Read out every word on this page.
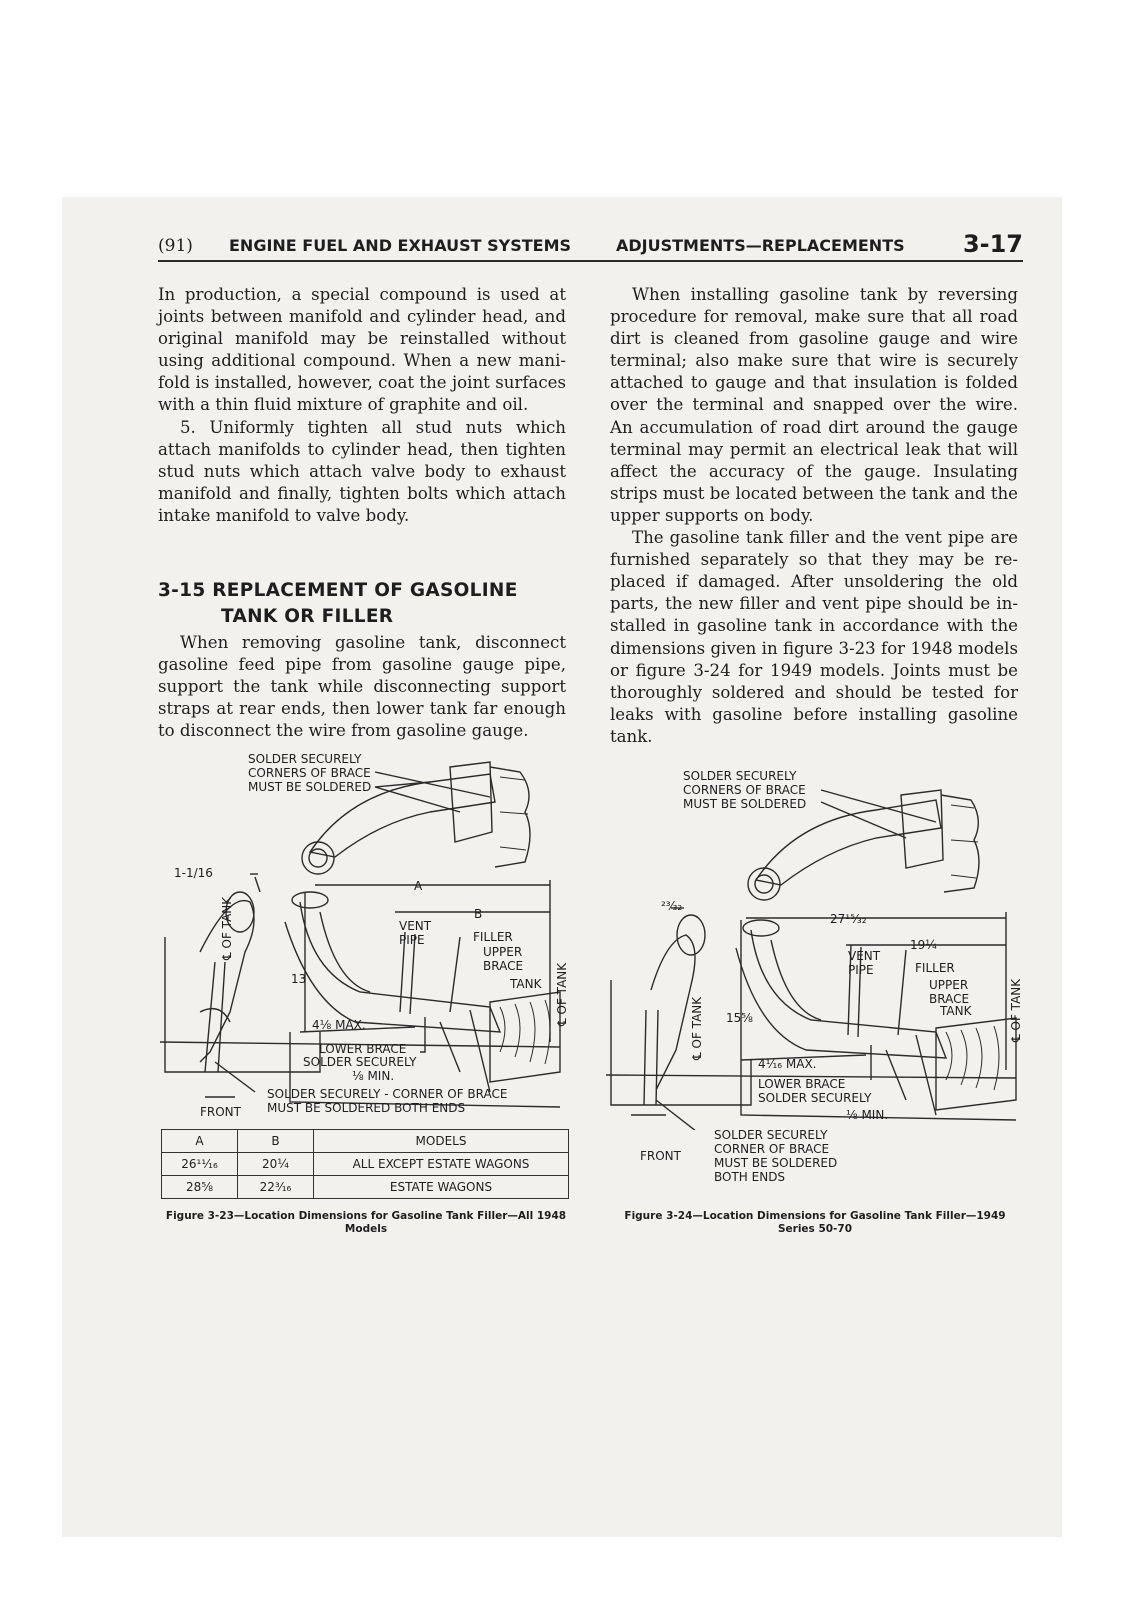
(91) ENGINE FUEL AND EXHAUST SYSTEMS	ADJUSTMENTS—REPLACEMENTS 3-17

In production, a special compound is used at joints between manifold and cylinder head, and original manifold may be reinstalled without using additional compound. When a new manifold is installed, however, coat the joint surfaces with a thin fluid mixture of graphite and oil.

5. Uniformly tighten all stud nuts which attach manifolds to cylinder head, then tighten stud nuts which attach valve body to exhaust manifold and finally, tighten bolts which attach intake manifold to valve body.

3-15 REPLACEMENT OF GASOLINE
TANK OR FILLER

When removing gasoline tank, disconnect gasoline feed pipe from gasoline gauge pipe, support the tank while disconnecting support straps at rear ends, then lower tank far enough to disconnect the wire from gasoline gauge.

When installing gasoline tank by reversing procedure for removal, make sure that all road dirt is cleaned from gasoline gauge and wire terminal; also make sure that wire is securely attached to gauge and that insulation is folded over the terminal and snapped over the wire. An accumulation of road dirt around the gauge terminal may permit an electrical leak that will affect the accuracy of the gauge. Insulating strips must be located between the tank and the upper supports on body.

The gasoline tank filler and the vent pipe are furnished separately so that they may be replaced if damaged. After unsoldering the old parts, the new filler and vent pipe should be installed in gasoline tank in accordance with the dimensions given in figure 3-23 for 1948 models or figure 3-24 for 1949 models. Joints must be thoroughly soldered and should be tested for leaks with gasoline before installing gasoline tank.

SOLDER SECURELY
CORNERS OF BRACE
MUST BE SOLDERED
1-1/16
A
B
VENT
PIPE	FILLER
UPPER
BRACE
TANK
℄ OF TANK
℄ OF TANK
13
4⅛ MAX.
LOWER BRACE
SOLDER SECURELY
⅛ MIN.
SOLDER SECURELY - CORNER OF BRACE
MUST BE SOLDERED BOTH ENDS
FRONT
A	B	MODELS
26¹¹⁄₁₆	20¼	ALL EXCEPT ESTATE WAGONS
28⅝	22³⁄₁₆	ESTATE WAGONS
Figure 3-23—Location Dimensions for Gasoline Tank Filler—All 1948 Models
SOLDER SECURELY
CORNERS OF BRACE
MUST BE SOLDERED
²³⁄₃₂
27¹⁵⁄₃₂
19¼
VENT
PIPE	FILLER
UPPER
BRACE
TANK
℄ OF TANK	℄ OF TANK
15⅝
4¹⁄₁₆ MAX.
LOWER BRACE
SOLDER SECURELY
⅛ MIN.
SOLDER SECURELY
CORNER OF BRACE
MUST BE SOLDERED
BOTH ENDS
FRONT
Figure 3-24—Location Dimensions for Gasoline Tank Filler—1949 Series 50-70
